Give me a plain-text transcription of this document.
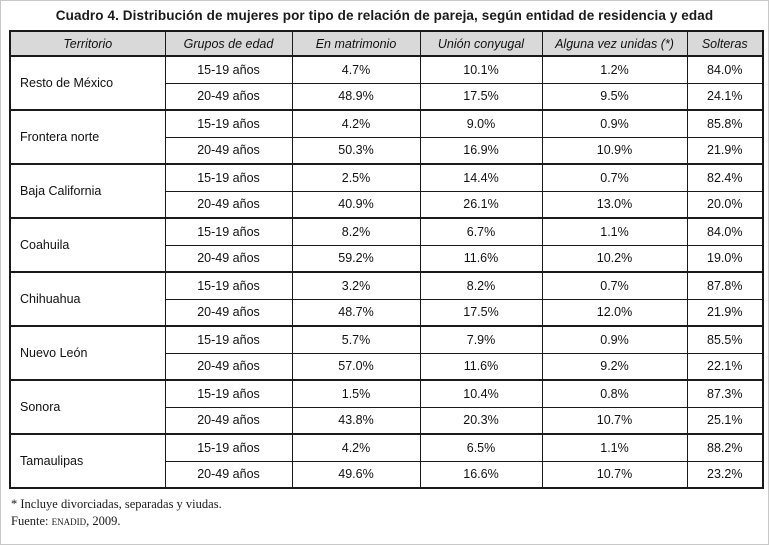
Cuadro 4. Distribución de mujeres por tipo de relación de pareja, según entidad de residencia y edad
Territorio	Grupos de edad	En matrimonio	Unión conyugal	Alguna vez unidas (*)	Solteras
Resto de México	15-19 años	4.7%	10.1%	1.2%	84.0%
	20-49 años	48.9%	17.5%	9.5%	24.1%
Frontera norte	15-19 años	4.2%	9.0%	0.9%	85.8%
	20-49 años	50.3%	16.9%	10.9%	21.9%
Baja California	15-19 años	2.5%	14.4%	0.7%	82.4%
	20-49 años	40.9%	26.1%	13.0%	20.0%
Coahuila	15-19 años	8.2%	6.7%	1.1%	84.0%
	20-49 años	59.2%	11.6%	10.2%	19.0%
Chihuahua	15-19 años	3.2%	8.2%	0.7%	87.8%
	20-49 años	48.7%	17.5%	12.0%	21.9%
Nuevo León	15-19 años	5.7%	7.9%	0.9%	85.5%
	20-49 años	57.0%	11.6%	9.2%	22.1%
Sonora	15-19 años	1.5%	10.4%	0.8%	87.3%
	20-49 años	43.8%	20.3%	10.7%	25.1%
Tamaulipas	15-19 años	4.2%	6.5%	1.1%	88.2%
	20-49 años	49.6%	16.6%	10.7%	23.2%
* Incluye divorciadas, separadas y viudas.
Fuente: enadid, 2009.
